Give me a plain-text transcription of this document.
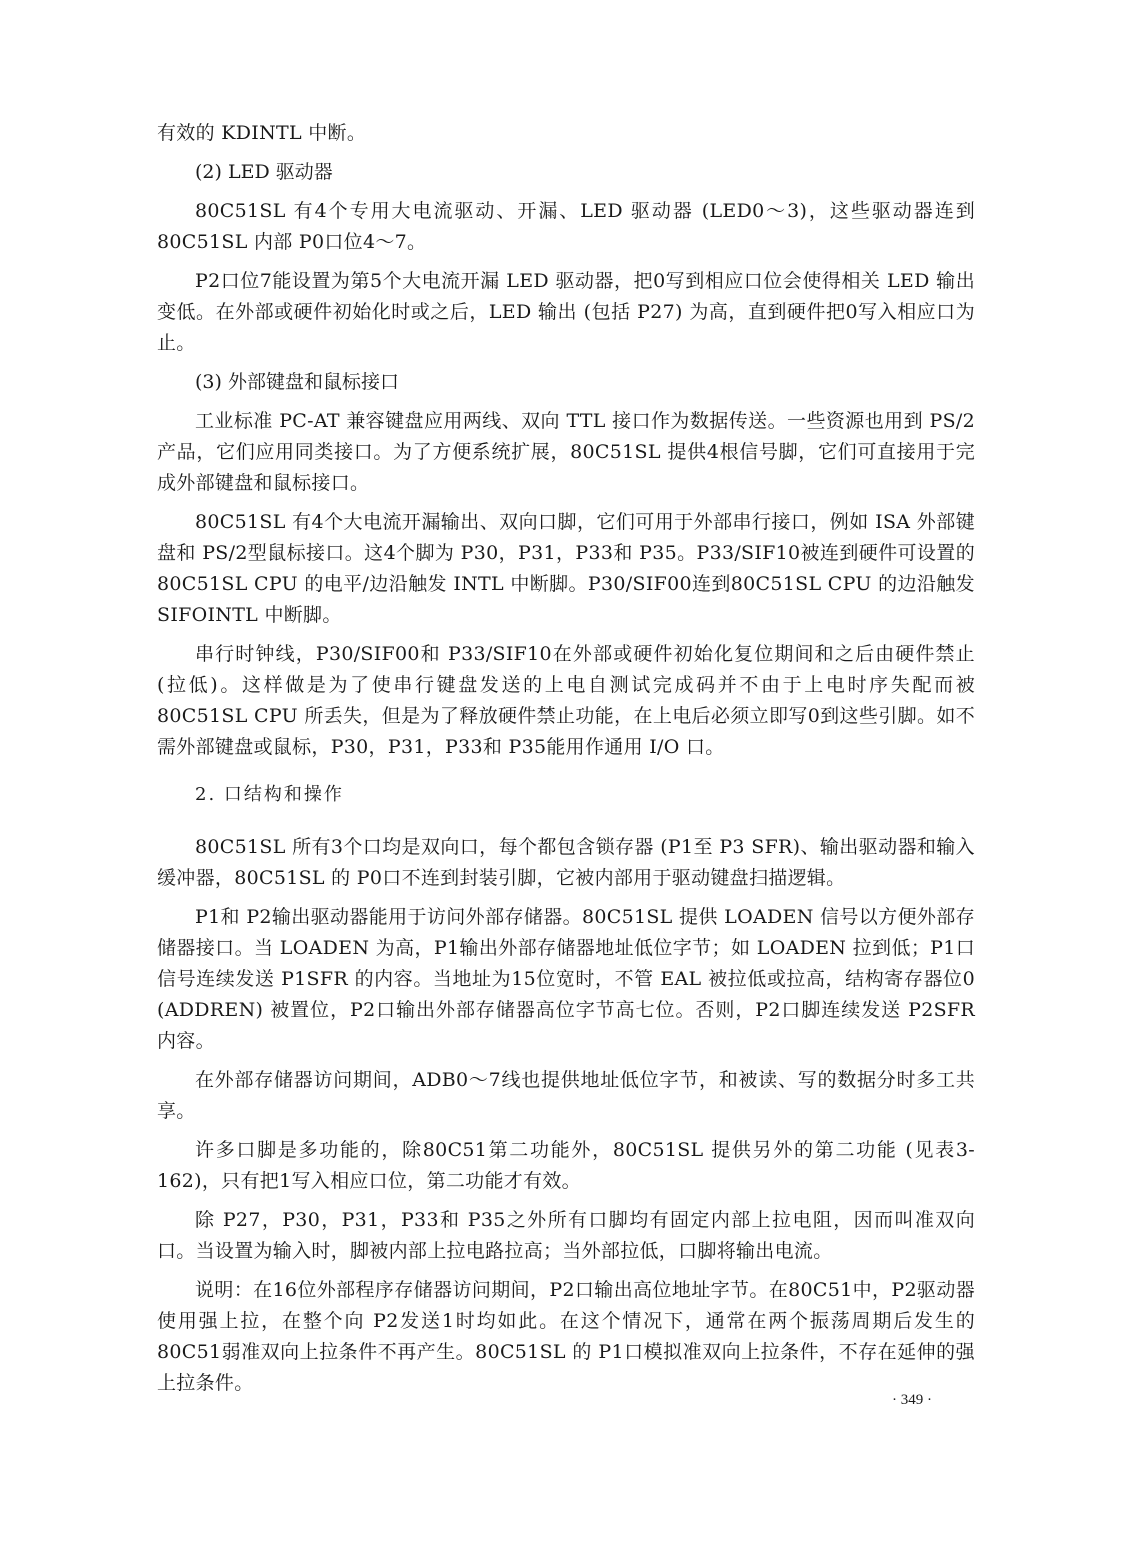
有效的 KDINTL 中断。

(2) LED 驱动器

80C51SL 有4个专用大电流驱动、开漏、LED 驱动器 (LED0～3)，这些驱动器连到80C51SL 内部 P0口位4～7。

P2口位7能设置为第5个大电流开漏 LED 驱动器，把0写到相应口位会使得相关 LED 输出变低。在外部或硬件初始化时或之后，LED 输出 (包括 P27) 为高，直到硬件把0写入相应口为止。

(3) 外部键盘和鼠标接口

工业标准 PC-AT 兼容键盘应用两线、双向 TTL 接口作为数据传送。一些资源也用到 PS/2产品，它们应用同类接口。为了方便系统扩展，80C51SL 提供4根信号脚，它们可直接用于完成外部键盘和鼠标接口。

80C51SL 有4个大电流开漏输出、双向口脚，它们可用于外部串行接口，例如 ISA 外部键盘和 PS/2型鼠标接口。这4个脚为 P30，P31，P33和 P35。P33/SIF10被连到硬件可设置的80C51SL CPU 的电平/边沿触发 INTL 中断脚。P30/SIF00连到80C51SL CPU 的边沿触发 SIFOINTL 中断脚。

串行时钟线，P30/SIF00和 P33/SIF10在外部或硬件初始化复位期间和之后由硬件禁止 (拉低)。这样做是为了使串行键盘发送的上电自测试完成码并不由于上电时序失配而被80C51SL CPU 所丢失，但是为了释放硬件禁止功能，在上电后必须立即写0到这些引脚。如不需外部键盘或鼠标，P30，P31，P33和 P35能用作通用 I/O 口。

2. 口结构和操作

80C51SL 所有3个口均是双向口，每个都包含锁存器 (P1至 P3 SFR)、输出驱动器和输入缓冲器，80C51SL 的 P0口不连到封装引脚，它被内部用于驱动键盘扫描逻辑。

P1和 P2输出驱动器能用于访问外部存储器。80C51SL 提供 LOADEN 信号以方便外部存储器接口。当 LOADEN 为高，P1输出外部存储器地址低位字节；如 LOADEN 拉到低；P1口信号连续发送 P1SFR 的内容。当地址为15位宽时，不管 EAL 被拉低或拉高，结构寄存器位0 (ADDREN) 被置位，P2口输出外部存储器高位字节高七位。否则，P2口脚连续发送 P2SFR 内容。

在外部存储器访问期间，ADB0～7线也提供地址低位字节，和被读、写的数据分时多工共享。

许多口脚是多功能的，除80C51第二功能外，80C51SL 提供另外的第二功能 (见表3-162)，只有把1写入相应口位，第二功能才有效。

除 P27，P30，P31，P33和 P35之外所有口脚均有固定内部上拉电阻，因而叫准双向口。当设置为输入时，脚被内部上拉电路拉高；当外部拉低，口脚将输出电流。

说明：在16位外部程序存储器访问期间，P2口输出高位地址字节。在80C51中，P2驱动器使用强上拉，在整个向 P2发送1时均如此。在这个情况下，通常在两个振荡周期后发生的80C51弱准双向上拉条件不再产生。80C51SL 的 P1口模拟准双向上拉条件，不存在延伸的强上拉条件。

· 349 ·
